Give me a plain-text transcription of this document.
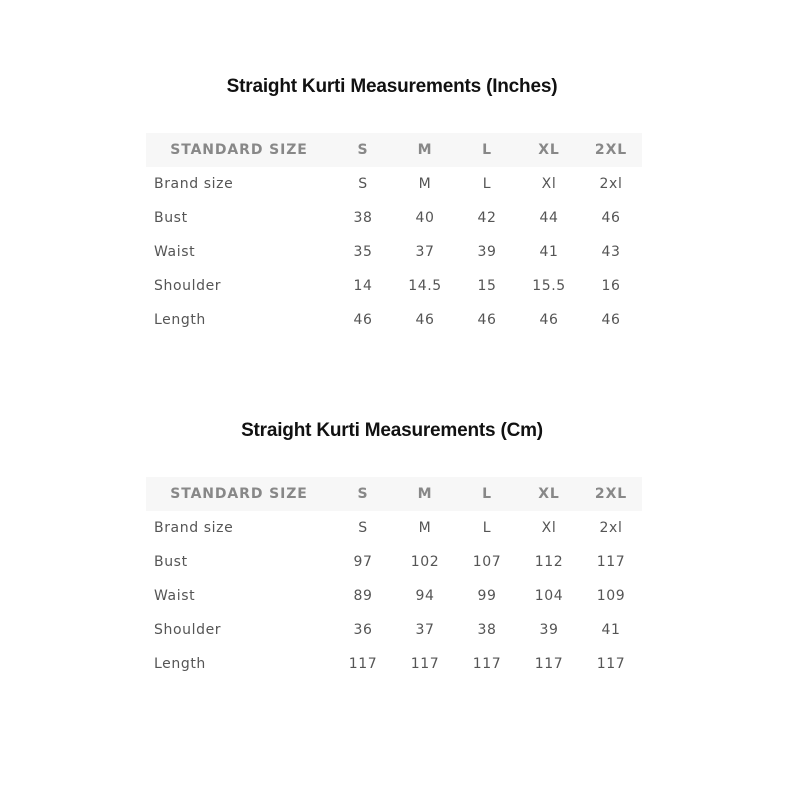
Straight Kurti Measurements (Inches)
STANDARD SIZE	S	M	L	XL	2XL
Brand size	S	M	L	Xl	2xl
Bust	38	40	42	44	46
Waist	35	37	39	41	43
Shoulder	14	14.5	15	15.5	16
Length	46	46	46	46	46
Straight Kurti Measurements (Cm)
STANDARD SIZE	S	M	L	XL	2XL
Brand size	S	M	L	Xl	2xl
Bust	97	102	107	112	117
Waist	89	94	99	104	109
Shoulder	36	37	38	39	41
Length	117	117	117	117	117
